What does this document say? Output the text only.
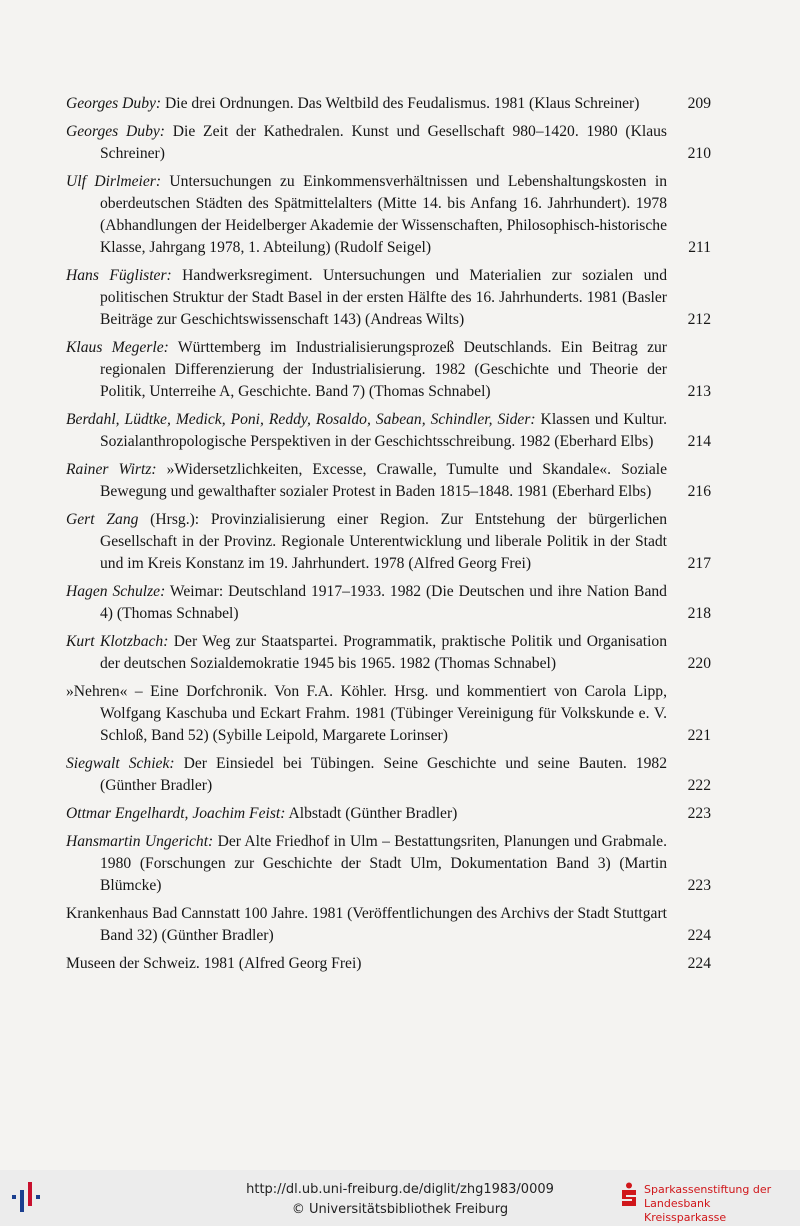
Georges Duby: Die drei Ordnungen. Das Weltbild des Feudalismus. 1981 (Klaus Schreiner)	209
Georges Duby: Die Zeit der Kathedralen. Kunst und Gesellschaft 980–1420. 1980 (Klaus Schreiner)	210
Ulf Dirlmeier: Untersuchungen zu Einkommensverhältnissen und Lebenshaltungskosten in oberdeutschen Städten des Spätmittelalters (Mitte 14. bis Anfang 16. Jahrhundert). 1978 (Abhandlungen der Heidelberger Akademie der Wissenschaften, Philosophisch-historische Klasse, Jahrgang 1978, 1. Abteilung) (Rudolf Seigel)	211
Hans Füglister: Handwerksregiment. Untersuchungen und Materialien zur sozialen und politischen Struktur der Stadt Basel in der ersten Hälfte des 16. Jahrhunderts. 1981 (Basler Beiträge zur Geschichtswissenschaft 143) (Andreas Wilts)	212
Klaus Megerle: Württemberg im Industrialisierungsprozeß Deutschlands. Ein Beitrag zur regionalen Differenzierung der Industrialisierung. 1982 (Geschichte und Theorie der Politik, Unterreihe A, Geschichte. Band 7) (Thomas Schnabel)	213
Berdahl, Lüdtke, Medick, Poni, Reddy, Rosaldo, Sabean, Schindler, Sider: Klassen und Kultur. Sozialanthropologische Perspektiven in der Geschichtsschreibung. 1982 (Eberhard Elbs) 214
Rainer Wirtz: »Widersetzlichkeiten, Excesse, Crawalle, Tumulte und Skandale«. Soziale Bewegung und gewalthafter sozialer Protest in Baden 1815–1848. 1981 (Eberhard Elbs) 216
Gert Zang (Hrsg.): Provinzialisierung einer Region. Zur Entstehung der bürgerlichen Gesellschaft in der Provinz. Regionale Unterentwicklung und liberale Politik in der Stadt und im Kreis Konstanz im 19. Jahrhundert. 1978 (Alfred Georg Frei)	217
Hagen Schulze: Weimar: Deutschland 1917–1933. 1982 (Die Deutschen und ihre Nation Band 4) (Thomas Schnabel)	218
Kurt Klotzbach: Der Weg zur Staatspartei. Programmatik, praktische Politik und Organisation der deutschen Sozialdemokratie 1945 bis 1965. 1982 (Thomas Schnabel)	220
»Nehren« – Eine Dorfchronik. Von F.A. Köhler. Hrsg. und kommentiert von Carola Lipp, Wolfgang Kaschuba und Eckart Frahm. 1981 (Tübinger Vereinigung für Volkskunde e. V. Schloß, Band 52) (Sybille Leipold, Margarete Lorinser)	221
Siegwalt Schiek: Der Einsiedel bei Tübingen. Seine Geschichte und seine Bauten. 1982 (Günther Bradler)	222
Ottmar Engelhardt, Joachim Feist: Albstadt (Günther Bradler)	223
Hansmartin Ungericht: Der Alte Friedhof in Ulm – Bestattungsriten, Planungen und Grabmale. 1980 (Forschungen zur Geschichte der Stadt Ulm, Dokumentation Band 3) (Martin Blümcke)	223
Krankenhaus Bad Cannstatt 100 Jahre. 1981 (Veröffentlichungen des Archivs der Stadt Stuttgart Band 32) (Günther Bradler)	224
Museen der Schweiz. 1981 (Alfred Georg Frei)	224
http://dl.ub.uni-freiburg.de/diglit/zhg1983/0009
© Universitätsbibliothek Freiburg
Sparkassenstiftung der
Landesbank Kreissparkasse
